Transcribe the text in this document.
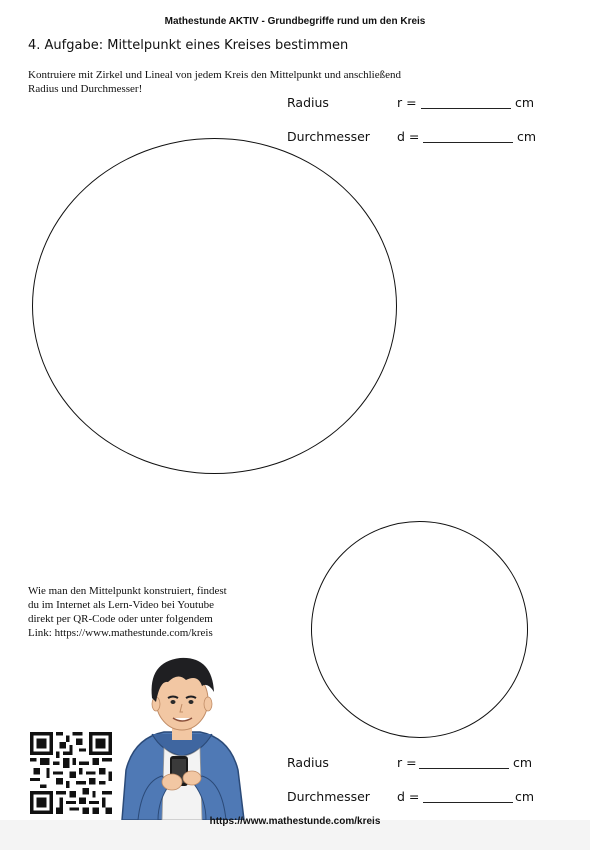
Mathestunde AKTIV - Grundbegriffe rund um den Kreis
4. Aufgabe: Mittelpunkt eines Kreises bestimmen
Kontruiere mit Zirkel und Lineal von jedem Kreis den Mittelpunkt und anschließend
Radius und Durchmesser!
Radius	r =	cm
Durchmesser d =	cm
Wie man den Mittelpunkt konstruiert, findest
du im Internet als Lern-Video bei Youtube
direkt per QR-Code oder unter folgendem
Link: https://www.mathestunde.com/kreis
Radius	r =	cm
Durchmesser d =	cm
https://www.mathestunde.com/kreis
